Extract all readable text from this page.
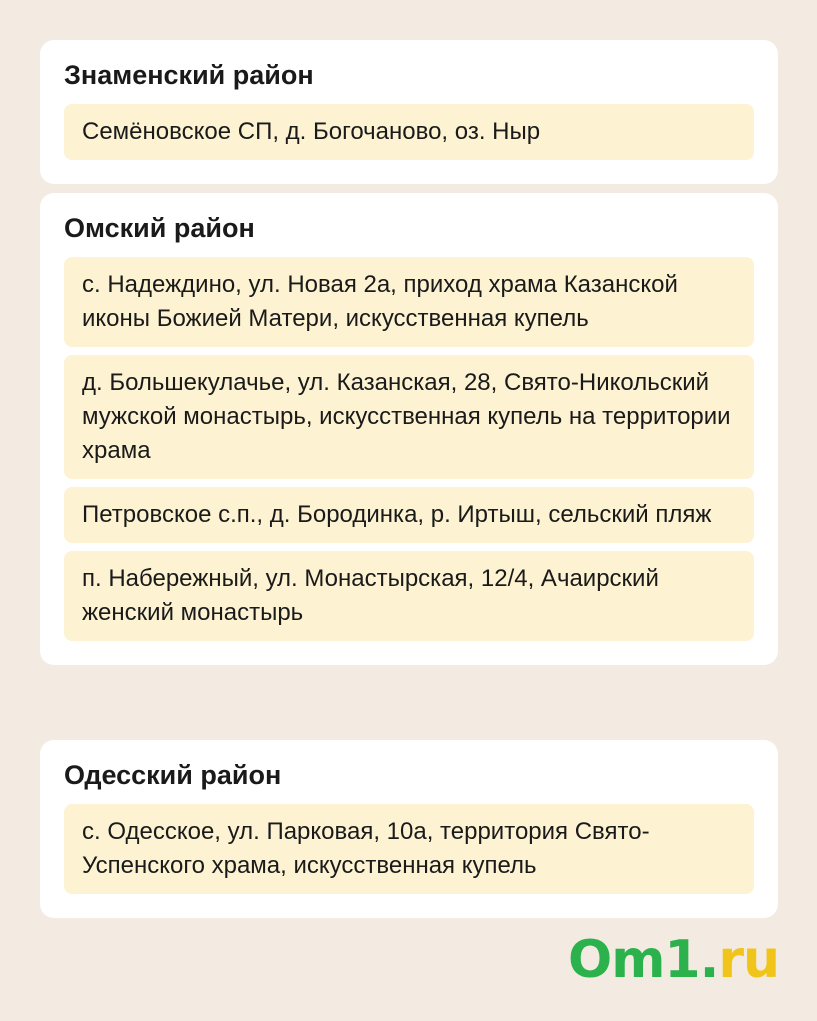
Знаменский район
Семёновское СП, д. Богочаново, оз. Ныр
Омский район
с. Надеждино, ул. Новая 2а, приход храма Казанской иконы Божией Матери, искусственная купель
д. Большекулачье, ул. Казанская, 28, Свято-Никольский мужской монастырь, искусственная купель на территории храма
Петровское с.п., д. Бородинка, р. Иртыш, сельский пляж
п. Набережный, ул. Монастырская, 12/4, Ачаирский женский монастырь
Одесский район
с. Одесское, ул. Парковая, 10а, территория Свято-Успенского храма, искусственная купель
Om1.ru
